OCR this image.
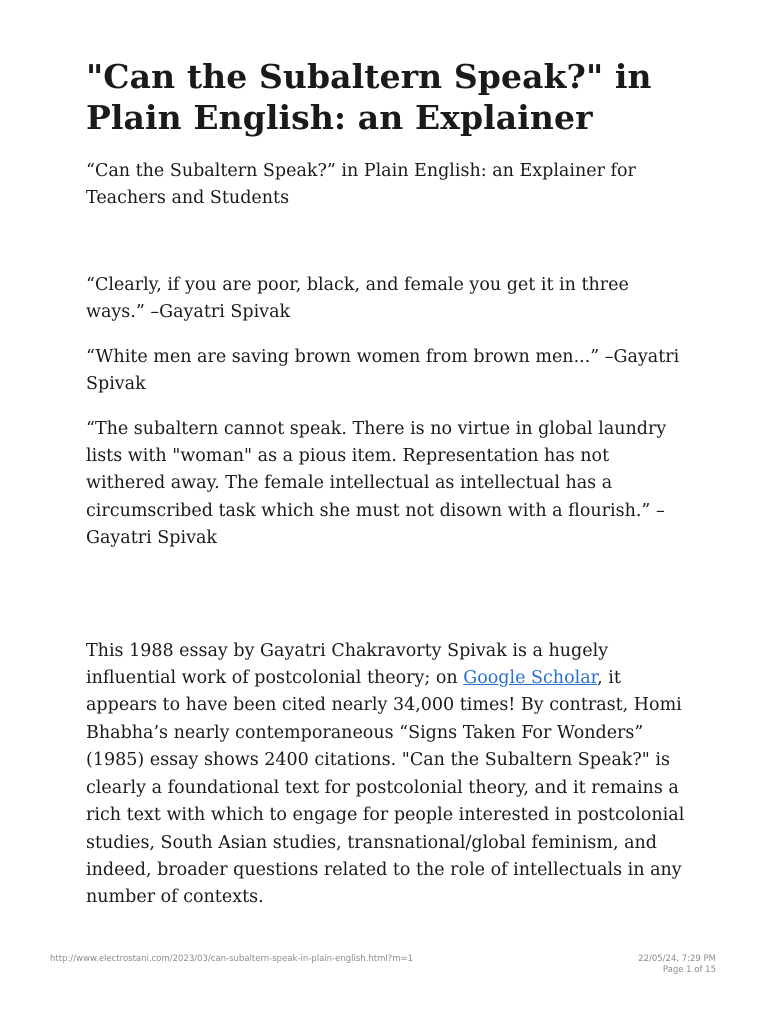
"Can the Subaltern Speak?" in Plain English: an Explainer
“Can the Subaltern Speak?” in Plain English: an Explainer for Teachers and Students

“Clearly, if you are poor, black, and female you get it in three ways.” –Gayatri Spivak

“White men are saving brown women from brown men...” –Gayatri Spivak

“The subaltern cannot speak. There is no virtue in global laundry lists with "woman" as a pious item. Representation has not withered away. The female intellectual as intellectual has a circumscribed task which she must not disown with a flourish.” –Gayatri Spivak

This 1988 essay by Gayatri Chakravorty Spivak is a hugely influential work of postcolonial theory; on Google Scholar, it appears to have been cited nearly 34,000 times! By contrast, Homi Bhabha’s nearly contemporaneous “Signs Taken For Wonders” (1985) essay shows 2400 citations. "Can the Subaltern Speak?" is clearly a foundational text for postcolonial theory, and it remains a rich text with which to engage for people interested in postcolonial studies, South Asian studies, transnational/global feminism, and indeed, broader questions related to the role of intellectuals in any number of contexts.

http://www.electrostani.com/2023/03/can-subaltern-speak-in-plain-english.html?m=1	22/05/24, 7:29 PM
Page 1 of 15
